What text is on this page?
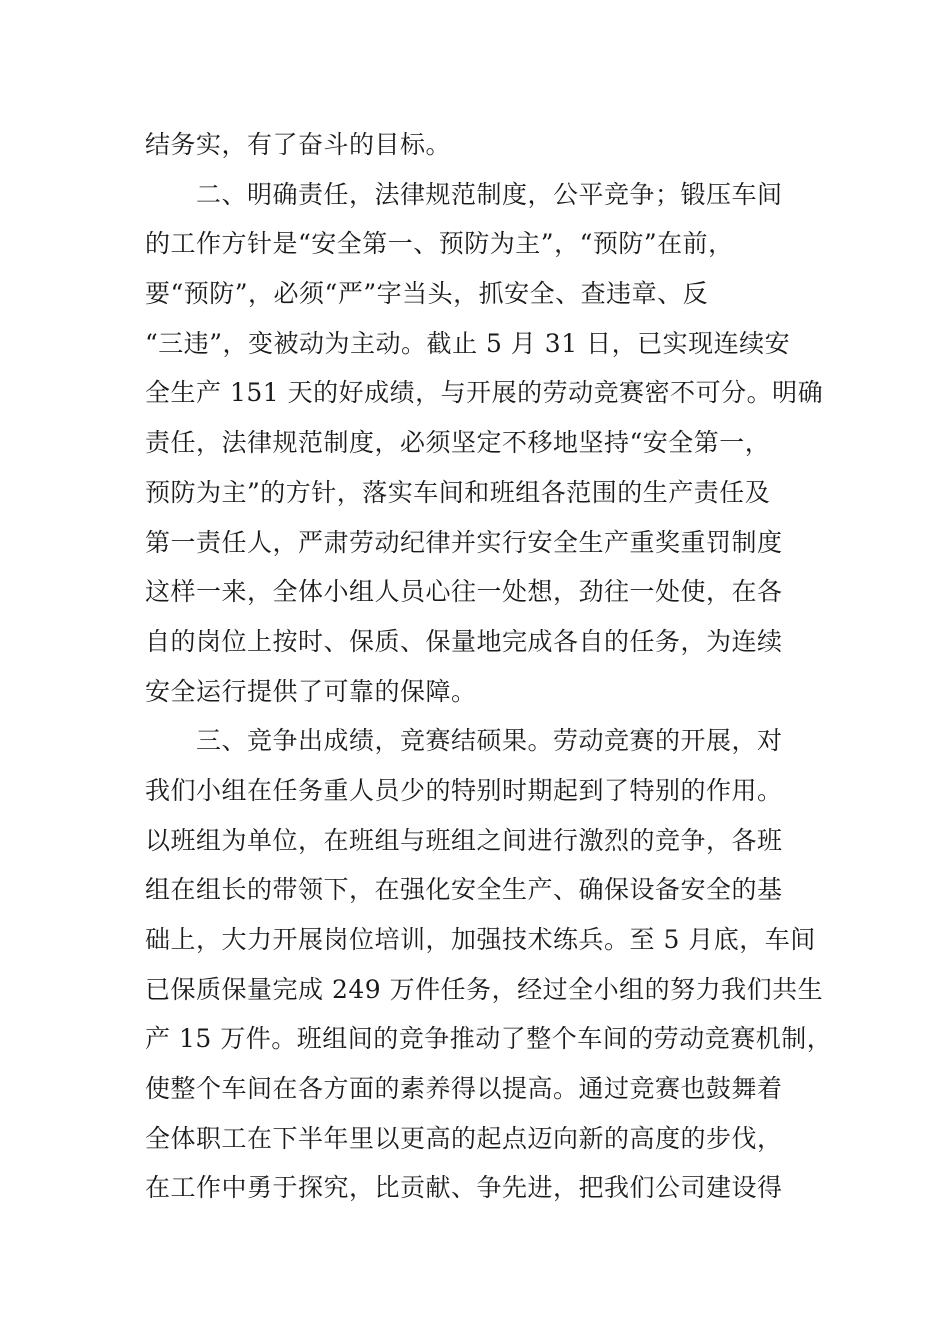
结务实，有了奋斗的目标。
　　二、明确责任，法律规范制度，公平竞争；锻压车间
的工作方针是“安全第一、预防为主”，“预防”在前，
要“预防”，必须“严”字当头，抓安全、查违章、反
“三违”，变被动为主动。截止 5 月 31 日，已实现连续安
全生产 151 天的好成绩，与开展的劳动竞赛密不可分。明确
责任，法律规范制度，必须坚定不移地坚持“安全第一，
预防为主”的方针，落实车间和班组各范围的生产责任及
第一责任人，严肃劳动纪律并实行安全生产重奖重罚制度
这样一来，全体小组人员心往一处想，劲往一处使，在各
自的岗位上按时、保质、保量地完成各自的任务，为连续
安全运行提供了可靠的保障。
　　三、竞争出成绩，竞赛结硕果。劳动竞赛的开展，对
我们小组在任务重人员少的特别时期起到了特别的作用。
以班组为单位，在班组与班组之间进行激烈的竞争，各班
组在组长的带领下，在强化安全生产、确保设备安全的基
础上，大力开展岗位培训，加强技术练兵。至 5 月底，车间
已保质保量完成 249 万件任务，经过全小组的努力我们共生
产 15 万件。班组间的竞争推动了整个车间的劳动竞赛机制，
使整个车间在各方面的素养得以提高。通过竞赛也鼓舞着
全体职工在下半年里以更高的起点迈向新的高度的步伐，
在工作中勇于探究，比贡献、争先进，把我们公司建设得
